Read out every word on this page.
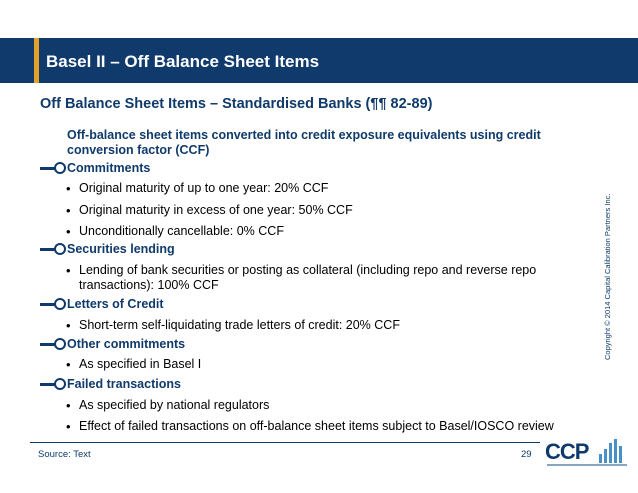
Basel II – Off Balance Sheet Items
Off Balance Sheet Items – Standardised Banks (¶¶ 82-89)
Off-balance sheet items converted into credit exposure equivalents using credit conversion factor (CCF)
Commitments
• Original maturity of up to one year: 20% CCF
• Original maturity in excess of one year: 50% CCF
• Unconditionally cancellable: 0% CCF
Securities lending
• Lending of bank securities or posting as collateral (including repo and reverse repo transactions): 100% CCF
Letters of Credit
• Short-term self-liquidating trade letters of credit: 20% CCF
Other commitments
• As specified in Basel I
Failed transactions
• As specified by national regulators
• Effect of failed transactions on off-balance sheet items subject to Basel/IOSCO review
Copyright © 2014 Capital Calibration Partners Inc.
Source: Text	29 CCP
